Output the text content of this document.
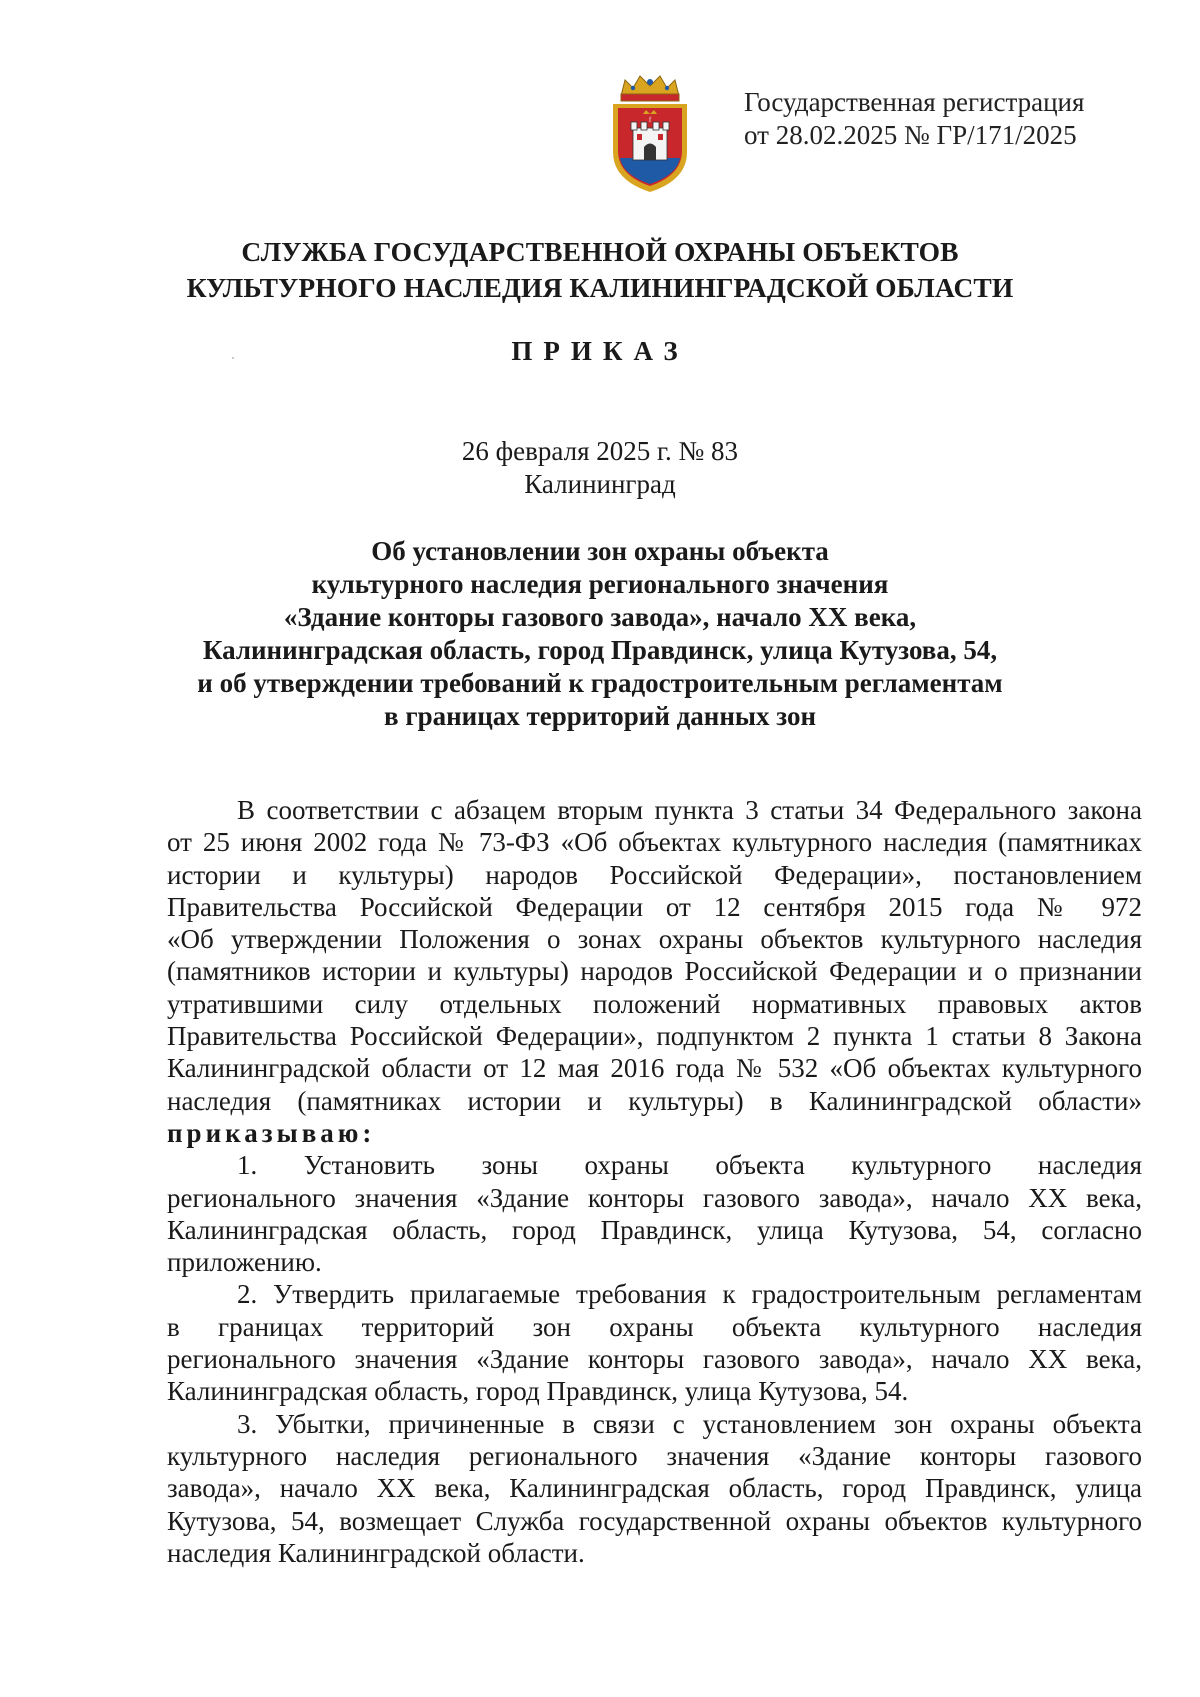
f
Государственная регистрация
от 28.02.2025 № ГР/171/2025
СЛУЖБА ГОСУДАРСТВЕННОЙ ОХРАНЫ ОБЪЕКТОВ
КУЛЬТУРНОГО НАСЛЕДИЯ КАЛИНИНГРАДСКОЙ ОБЛАСТИ
ПРИКАЗ
26 февраля 2025 г. № 83
Калининград
Об установлении зон охраны объекта
культурного наследия регионального значения
«Здание конторы газового завода», начало XX века,
Калининградская область, город Правдинск, улица Кутузова, 54,
и об утверждении требований к градостроительным регламентам
в границах территорий данных зон
В соответствии с абзацем вторым пункта 3 статьи 34 Федерального закона
от 25 июня 2002 года № 73-ФЗ «Об объектах культурного наследия (памятниках
истории и культуры) народов Российской Федерации», постановлением
Правительства Российской Федерации от 12 сентября 2015 года № 972
«Об утверждении Положения о зонах охраны объектов культурного наследия
(памятников истории и культуры) народов Российской Федерации и о признании
утратившими силу отдельных положений нормативных правовых актов
Правительства Российской Федерации», подпунктом 2 пункта 1 статьи 8 Закона
Калининградской области от 12 мая 2016 года № 532 «Об объектах культурного
наследия (памятниках истории и культуры) в Калининградской области»
приказываю:
1. Установить зоны охраны объекта культурного наследия
регионального значения «Здание конторы газового завода», начало XX века,
Калининградская область, город Правдинск, улица Кутузова, 54, согласно
приложению.
2. Утвердить прилагаемые требования к градостроительным регламентам
в границах территорий зон охраны объекта культурного наследия
регионального значения «Здание конторы газового завода», начало XX века,
Калининградская область, город Правдинск, улица Кутузова, 54.
3. Убытки, причиненные в связи с установлением зон охраны объекта
культурного наследия регионального значения «Здание конторы газового
завода», начало XX века, Калининградская область, город Правдинск, улица
Кутузова, 54, возмещает Служба государственной охраны объектов культурного
наследия Калининградской области.
